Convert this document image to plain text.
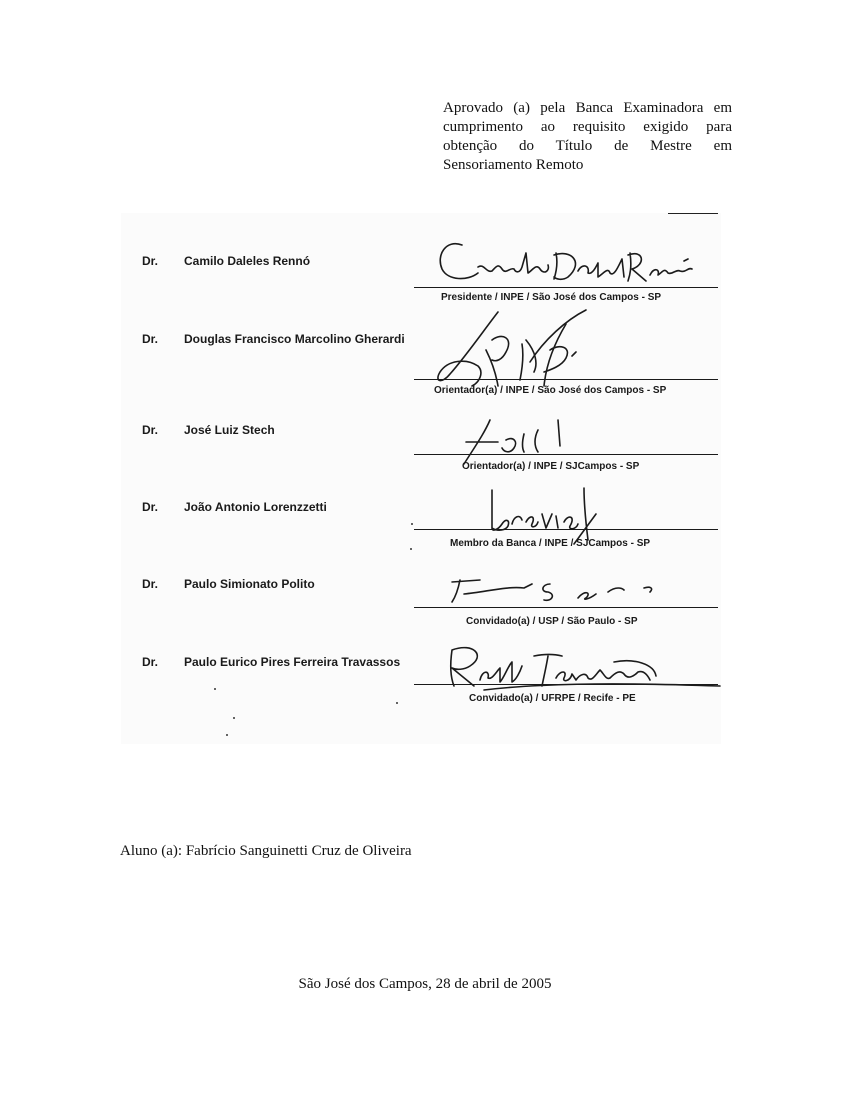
Aprovado (a) pela Banca Examinadora em cumprimento ao requisito exigido para obtenção do Título de Mestre em Sensoriamento Remoto
Dr. Camilo Daleles Rennó
Presidente / INPE / São José dos Campos - SP
Dr. Douglas Francisco Marcolino Gherardi
Orientador(a) / INPE / São José dos Campos - SP
Dr. José Luiz Stech
Orientador(a) / INPE / SJCampos - SP
Dr. João Antonio Lorenzzetti
Membro da Banca / INPE / SJCampos - SP
Dr. Paulo Simionato Polito
Convidado(a) / USP / São Paulo - SP
Dr. Paulo Eurico Pires Ferreira Travassos
Convidado(a) / UFRPE / Recife - PE
Aluno (a): Fabrício Sanguinetti Cruz de Oliveira
São José dos Campos, 28 de abril de 2005
